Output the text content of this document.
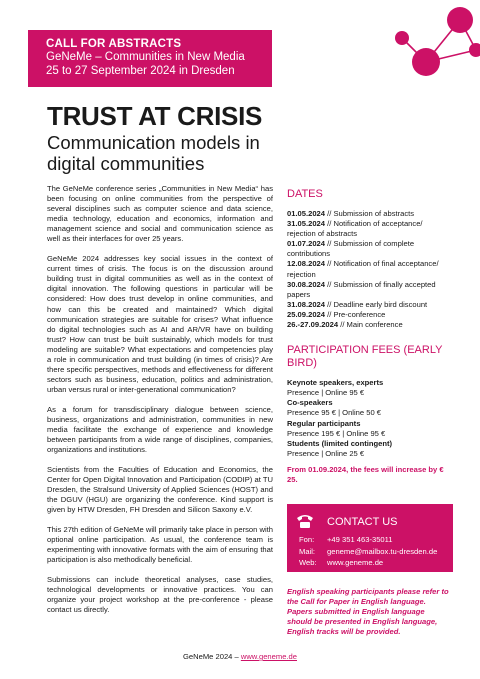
CALL FOR ABSTRACTS
GeNeMe – Communities in New Media
25 to 27 September 2024 in Dresden
TRUST AT CRISIS
Communication models in digital communities

The GeNeMe conference series „Communities in New Media“ has been focusing on online communities from the perspective of several disciplines such as computer science and data science, media technology, education and economics, information and management science and social and communication science as well as their interfaces for over 25 years.

GeNeMe 2024 addresses key social issues in the context of current times of crisis. The focus is on the discussion around building trust in digital communities as well as in the context of digital innovation. The following questions in particular will be considered: How does trust develop in online communities, and how can this be created and maintained? Which digital communication strategies are suitable for crises? What influence do digital technologies such as AI and AR/VR have on building trust? How can trust be built sustainably, which models for trust modeling are suitable? What expectations and competencies play a role in communication and trust building (in times of crisis)? Are there specific perspectives, methods and effectiveness for different sectors such as business, education, politics and administration, urban versus rural or inter-generational communication?

As a forum for transdisciplinary dialogue between science, business, organizations and administration, communities in new media facilitate the exchange of experience and knowledge between participants from a wide range of disciplines, companies, organizations and institutions.

Scientists from the Faculties of Education and Economics, the Center for Open Digital Innovation and Participation (CODIP) at TU Dresden, the Stralsund University of Applied Sciences (HOST) and the DGUV (HGU) are organizing the conference. Kind support is given by HTW Dresden, FH Dresden and Silicon Saxony e.V.

This 27th edition of GeNeMe will primarily take place in person with optional online participation. As usual, the conference team is experimenting with innovative formats with the aim of ensuring that participation is also methodically beneficial.

Submissions can include theoretical analyses, case studies, technological developments or innovative practices. You can organize your project workshop at the pre-conference - please contact us directly.

DATES
01.05.2024 // Submission of abstracts
31.05.2024 // Notification of acceptance/ rejection of abstracts
01.07.2024 // Submission of complete contributions
12.08.2024 // Notification of final acceptance/ rejection
30.08.2024 // Submission of finally accepted papers
31.08.2024 // Deadline early bird discount
25.09.2024 // Pre-conference
26.-27.09.2024 // Main conference
PARTICIPATION FEES (EARLY BIRD)
Keynote speakers, experts
Presence | Online 95 €
Co-speakers
Presence 95 € | Online 50 €
Regular participants
Presence 195 € | Online 95 €
Students (limited contingent)
Presence | Online 25 €
From 01.09.2024, the fees will increase by € 25.
CONTACT US
Fon: +49 351 463-35011
Mail: geneme@mailbox.tu-dresden.de
Web: www.geneme.de
English speaking participants please refer to the Call for Paper in English language. Papers submitted in English language should be presented in English language, English tracks will be provided.
GeNeMe 2024 – www.geneme.de
